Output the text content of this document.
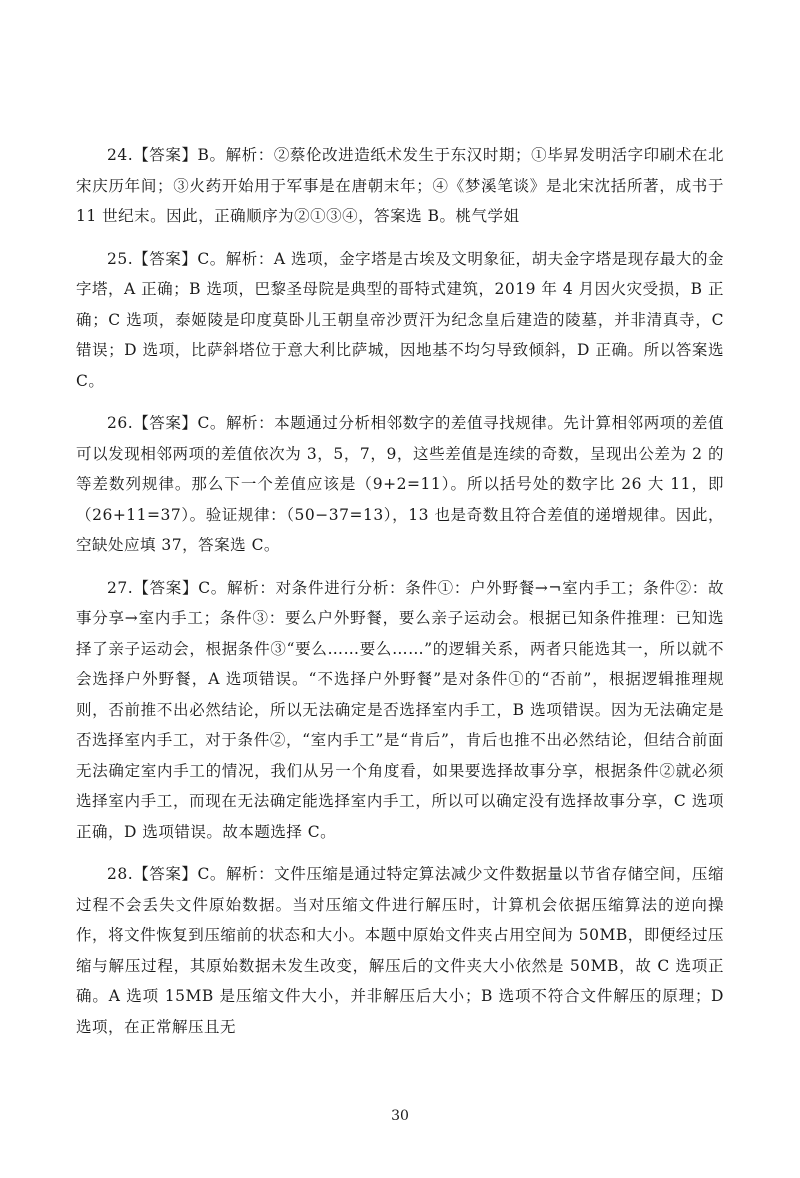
24.【答案】B。解析：②蔡伦改进造纸术发生于东汉时期；①毕昇发明活字印刷术在北宋庆历年间；③火药开始用于军事是在唐朝末年；④《梦溪笔谈》是北宋沈括所著，成书于 11 世纪末。因此，正确顺序为②①③④，答案选 B。桃气学姐

25.【答案】C。解析：A 选项，金字塔是古埃及文明象征，胡夫金字塔是现存最大的金字塔，A 正确；B 选项，巴黎圣母院是典型的哥特式建筑，2019 年 4 月因火灾受损，B 正确；C 选项，泰姬陵是印度莫卧儿王朝皇帝沙贾汗为纪念皇后建造的陵墓，并非清真寺，C 错误；D 选项，比萨斜塔位于意大利比萨城，因地基不均匀导致倾斜，D 正确。所以答案选 C。

26.【答案】C。解析：本题通过分析相邻数字的差值寻找规律。先计算相邻两项的差值可以发现相邻两项的差值依次为 3，5，7，9，这些差值是连续的奇数，呈现出公差为 2 的等差数列规律。那么下一个差值应该是（9+2=11）。所以括号处的数字比 26 大 11，即（26+11=37）。验证规律：（50−37=13），13 也是奇数且符合差值的递增规律。因此，空缺处应填 37，答案选 C。

27.【答案】C。解析：对条件进行分析：条件①：户外野餐→¬室内手工；条件②：故事分享→室内手工；条件③：要么户外野餐，要么亲子运动会。根据已知条件推理：已知选择了亲子运动会，根据条件③“要么……要么……”的逻辑关系，两者只能选其一，所以就不会选择户外野餐，A 选项错误。“不选择户外野餐”是对条件①的“否前”，根据逻辑推理规则，否前推不出必然结论，所以无法确定是否选择室内手工，B 选项错误。因为无法确定是否选择室内手工，对于条件②，“室内手工”是“肯后”，肯后也推不出必然结论，但结合前面无法确定室内手工的情况，我们从另一个角度看，如果要选择故事分享，根据条件②就必须选择室内手工，而现在无法确定能选择室内手工，所以可以确定没有选择故事分享，C 选项正确，D 选项错误。故本题选择 C。

28.【答案】C。解析：文件压缩是通过特定算法减少文件数据量以节省存储空间，压缩过程不会丢失文件原始数据。当对压缩文件进行解压时，计算机会依据压缩算法的逆向操作，将文件恢复到压缩前的状态和大小。本题中原始文件夹占用空间为 50MB，即便经过压缩与解压过程，其原始数据未发生改变，解压后的文件夹大小依然是 50MB，故 C 选项正确。A 选项 15MB 是压缩文件大小，并非解压后大小；B 选项不符合文件解压的原理；D 选项，在正常解压且无

30
